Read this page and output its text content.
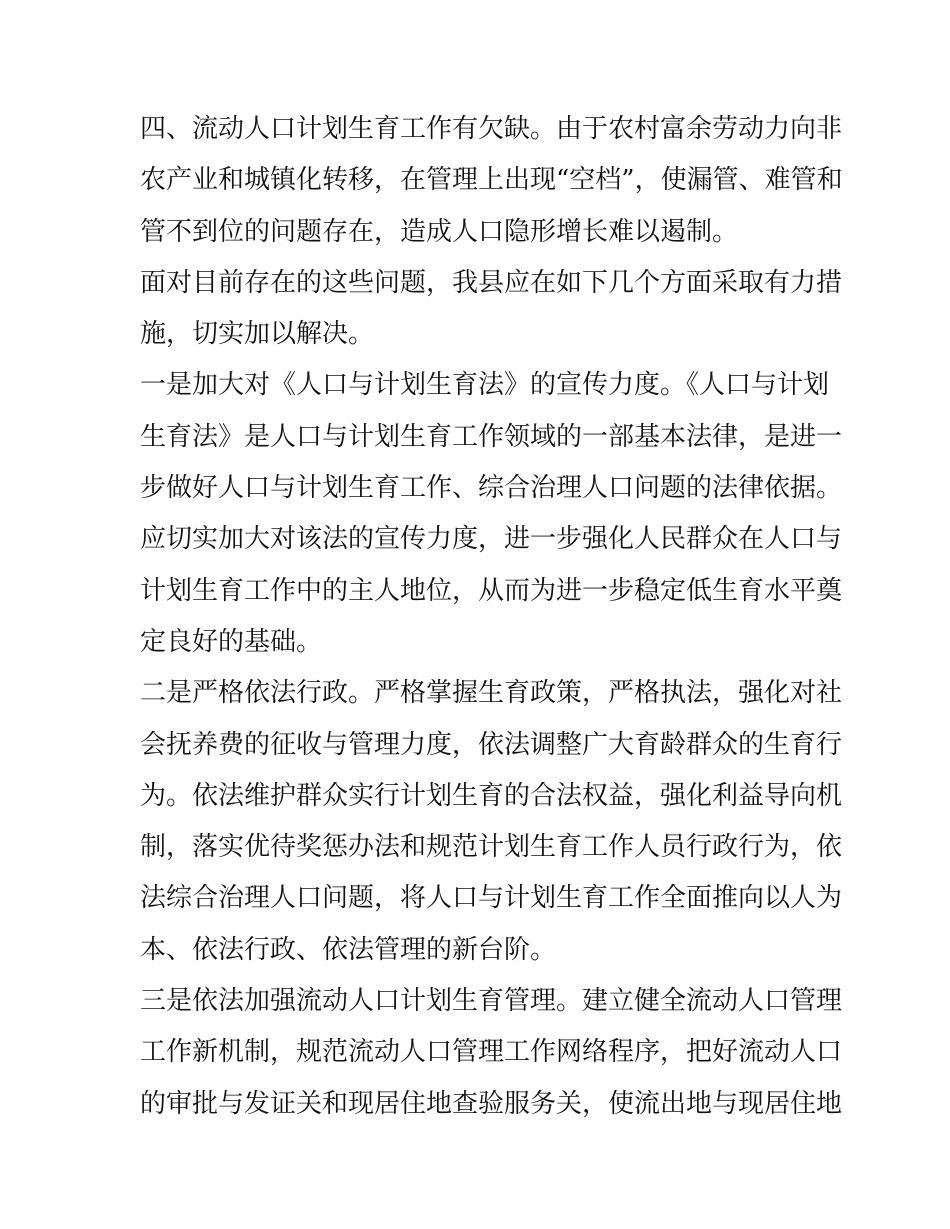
四、流动人口计划生育工作有欠缺。由于农村富余劳动力向非
农产业和城镇化转移，在管理上出现“空档”，使漏管、难管和
管不到位的问题存在，造成人口隐形增长难以遏制。
面对目前存在的这些问题，我县应在如下几个方面采取有力措
施，切实加以解决。
一是加大对《人口与计划生育法》的宣传力度。《人口与计划
生育法》是人口与计划生育工作领域的一部基本法律，是进一
步做好人口与计划生育工作、综合治理人口问题的法律依据。
应切实加大对该法的宣传力度，进一步强化人民群众在人口与
计划生育工作中的主人地位，从而为进一步稳定低生育水平奠
定良好的基础。
二是严格依法行政。严格掌握生育政策，严格执法，强化对社
会抚养费的征收与管理力度，依法调整广大育龄群众的生育行
为。依法维护群众实行计划生育的合法权益，强化利益导向机
制，落实优待奖惩办法和规范计划生育工作人员行政行为，依
法综合治理人口问题，将人口与计划生育工作全面推向以人为
本、依法行政、依法管理的新台阶。
三是依法加强流动人口计划生育管理。建立健全流动人口管理
工作新机制，规范流动人口管理工作网络程序，把好流动人口
的审批与发证关和现居住地查验服务关，使流出地与现居住地
